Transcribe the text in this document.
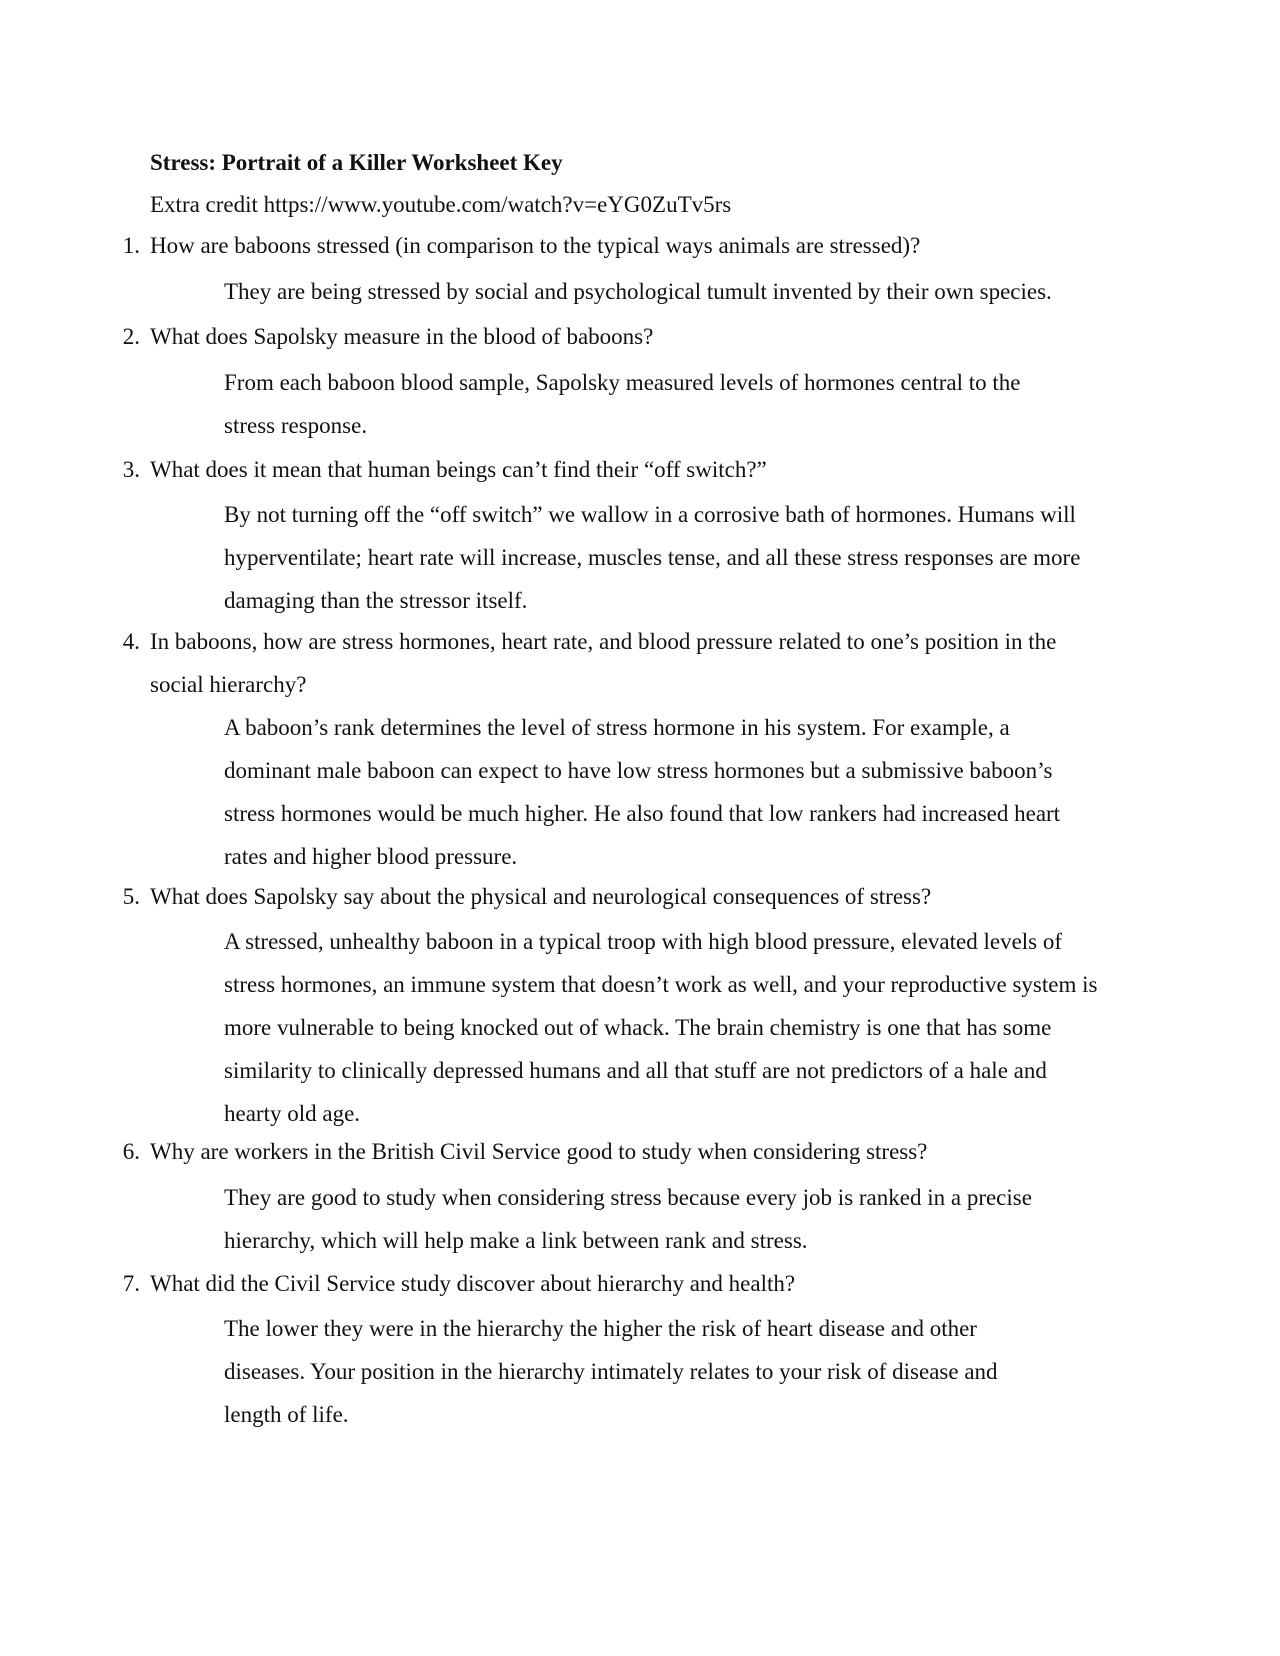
Stress: Portrait of a Killer Worksheet Key
Extra credit https://www.youtube.com/watch?v=eYG0ZuTv5rs
1. How are baboons stressed (in comparison to the typical ways animals are stressed)?
They are being stressed by social and psychological tumult invented by their own species.
2. What does Sapolsky measure in the blood of baboons?
From each baboon blood sample, Sapolsky measured levels of hormones central to the stress response.
3. What does it mean that human beings can’t find their “off switch?”
By not turning off the “off switch” we wallow in a corrosive bath of hormones. Humans will hyperventilate; heart rate will increase, muscles tense, and all these stress responses are more damaging than the stressor itself.
4. In baboons, how are stress hormones, heart rate, and blood pressure related to one’s position in the social hierarchy?
A baboon’s rank determines the level of stress hormone in his system. For example, a dominant male baboon can expect to have low stress hormones but a submissive baboon’s stress hormones would be much higher. He also found that low rankers had increased heart rates and higher blood pressure.
5. What does Sapolsky say about the physical and neurological consequences of stress?
A stressed, unhealthy baboon in a typical troop with high blood pressure, elevated levels of stress hormones, an immune system that doesn’t work as well, and your reproductive system is more vulnerable to being knocked out of whack. The brain chemistry is one that has some similarity to clinically depressed humans and all that stuff are not predictors of a hale and hearty old age.
6. Why are workers in the British Civil Service good to study when considering stress?
They are good to study when considering stress because every job is ranked in a precise hierarchy, which will help make a link between rank and stress.
7. What did the Civil Service study discover about hierarchy and health?
The lower they were in the hierarchy the higher the risk of heart disease and other diseases. Your position in the hierarchy intimately relates to your risk of disease and length of life.
